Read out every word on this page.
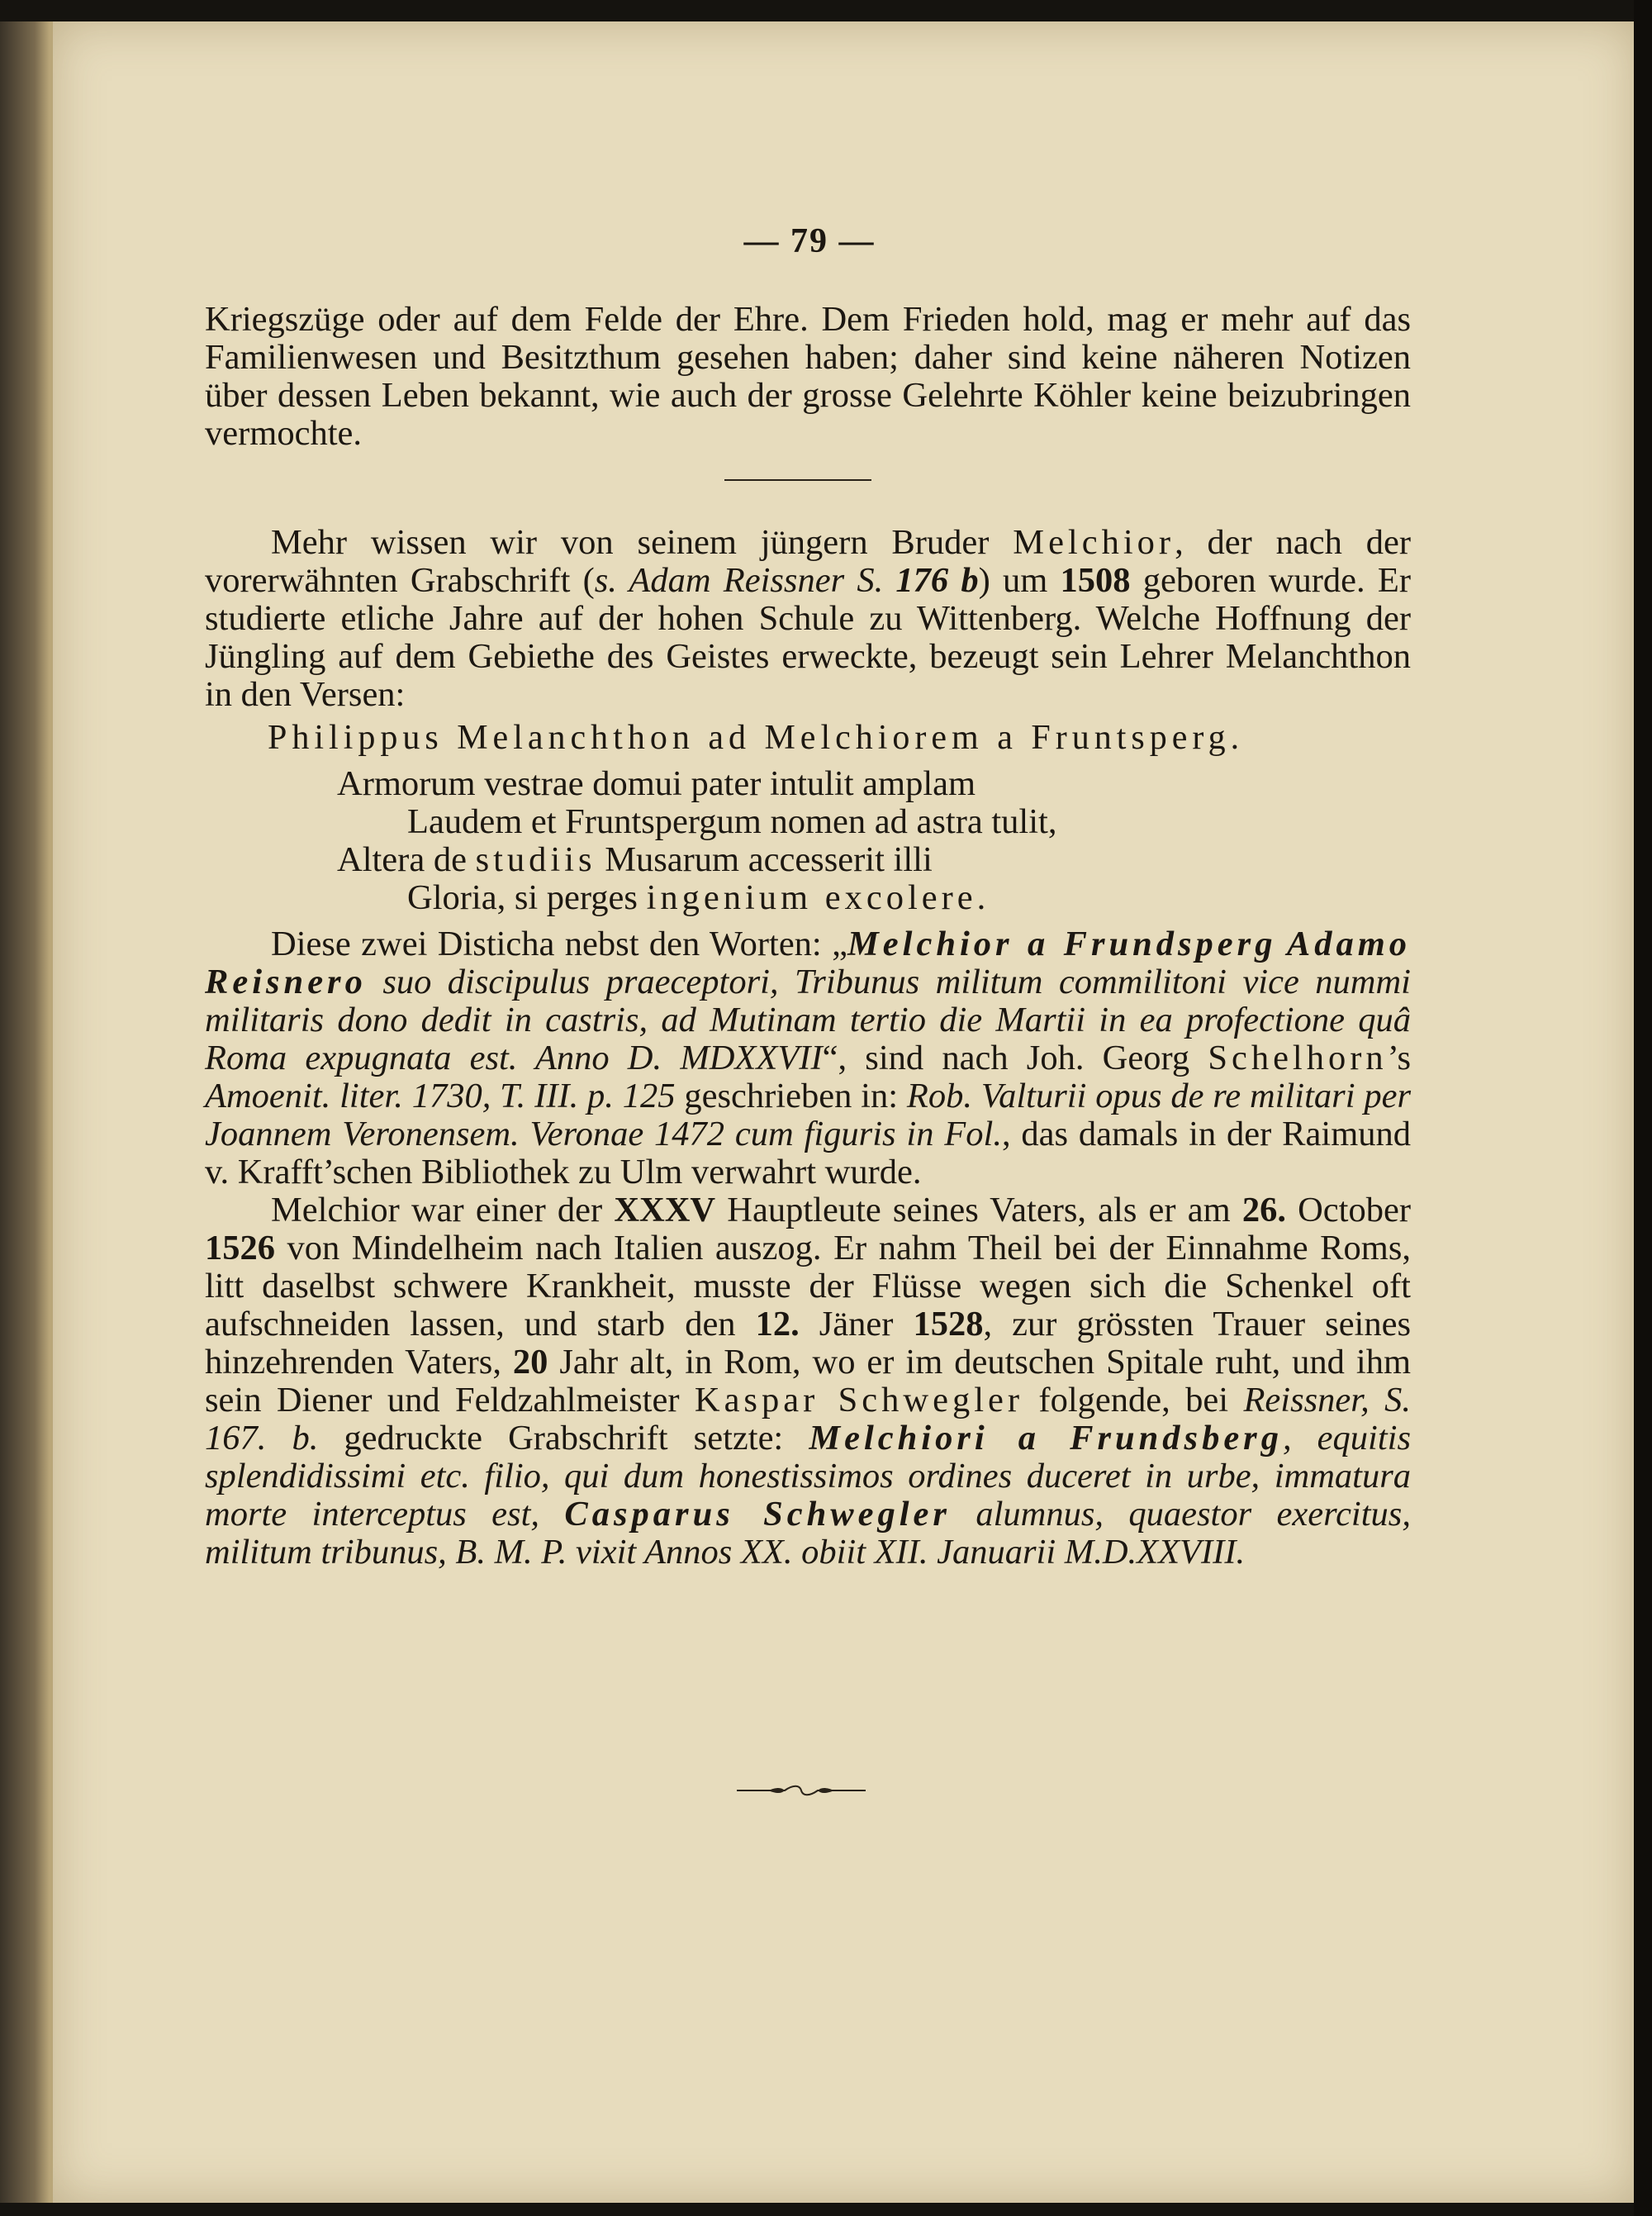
— 79 —

Kriegszüge oder auf dem Felde der Ehre. Dem Frieden hold, mag er mehr auf das Familienwesen und Besitzthum gesehen haben; daher sind keine näheren Notizen über dessen Leben bekannt, wie auch der grosse Gelehrte Köhler keine beizubringen vermochte.

Mehr wissen wir von seinem jüngern Bruder Melchior, der nach der vorerwähnten Grabschrift (s. Adam Reissner S. 176 b) um 1508 geboren wurde. Er studierte etliche Jahre auf der hohen Schule zu Wittenberg. Welche Hoffnung der Jüngling auf dem Gebiethe des Geistes erweckte, bezeugt sein Lehrer Melanchthon in den Versen:

Philippus Melanchthon ad Melchiorem a Fruntsperg.

Armorum vestrae domui pater intulit amplam

Laudem et Fruntspergum nomen ad astra tulit,

Altera de studiis Musarum accesserit illi

Gloria, si perges ingenium excolere.

Diese zwei Disticha nebst den Worten: „Melchior a Frundsperg Adamo Reisnero suo discipulus praeceptori, Tribunus militum commilitoni vice nummi militaris dono dedit in castris, ad Mutinam tertio die Martii in ea profectione quâ Roma expugnata est. Anno D. MDXXVII“, sind nach Joh. Georg Schelhorn’s Amoenit. liter. 1730, T. III. p. 125 geschrieben in: Rob. Valturii opus de re militari per Joannem Veronensem. Veronae 1472 cum figuris in Fol., das damals in der Raimund v. Krafft’schen Bibliothek zu Ulm verwahrt wurde.

Melchior war einer der XXXV Hauptleute seines Vaters, als er am 26. October 1526 von Mindelheim nach Italien auszog. Er nahm Theil bei der Einnahme Roms, litt daselbst schwere Krankheit, musste der Flüsse wegen sich die Schenkel oft aufschneiden lassen, und starb den 12. Jäner 1528, zur grössten Trauer seines hinzehrenden Vaters, 20 Jahr alt, in Rom, wo er im deutschen Spitale ruht, und ihm sein Diener und Feldzahlmeister Kaspar Schwegler folgende, bei Reissner, S. 167. b. gedruckte Grabschrift setzte: Melchiori a Frundsberg, equitis splendidissimi etc. filio, qui dum honestissimos ordines duceret in urbe, immatura morte interceptus est, Casparus Schwegler alumnus, quaestor exercitus, militum tribunus, B. M. P. vixit Annos XX. obiit XII. Januarii M.D.XXVIII.
